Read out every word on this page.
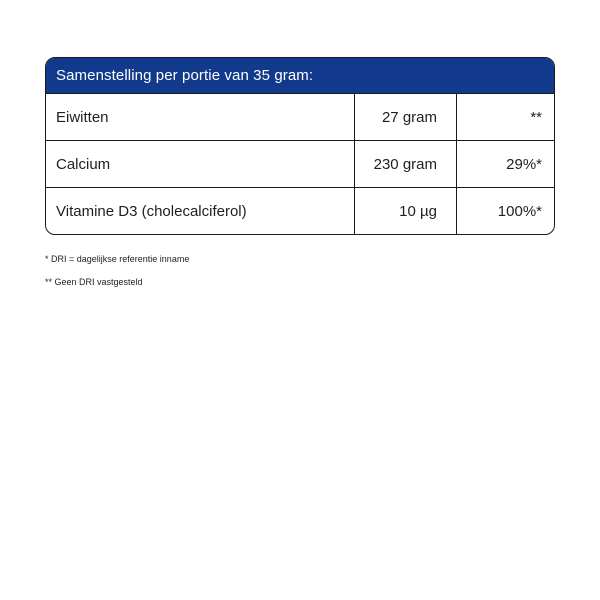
Samenstelling per portie van 35 gram:
Eiwitten	27 gram	**
Calcium	230 gram	29%*
Vitamine D3 (cholecalciferol)	10 µg	100%*
* DRI = dagelijkse referentie inname
** Geen DRI vastgesteld
